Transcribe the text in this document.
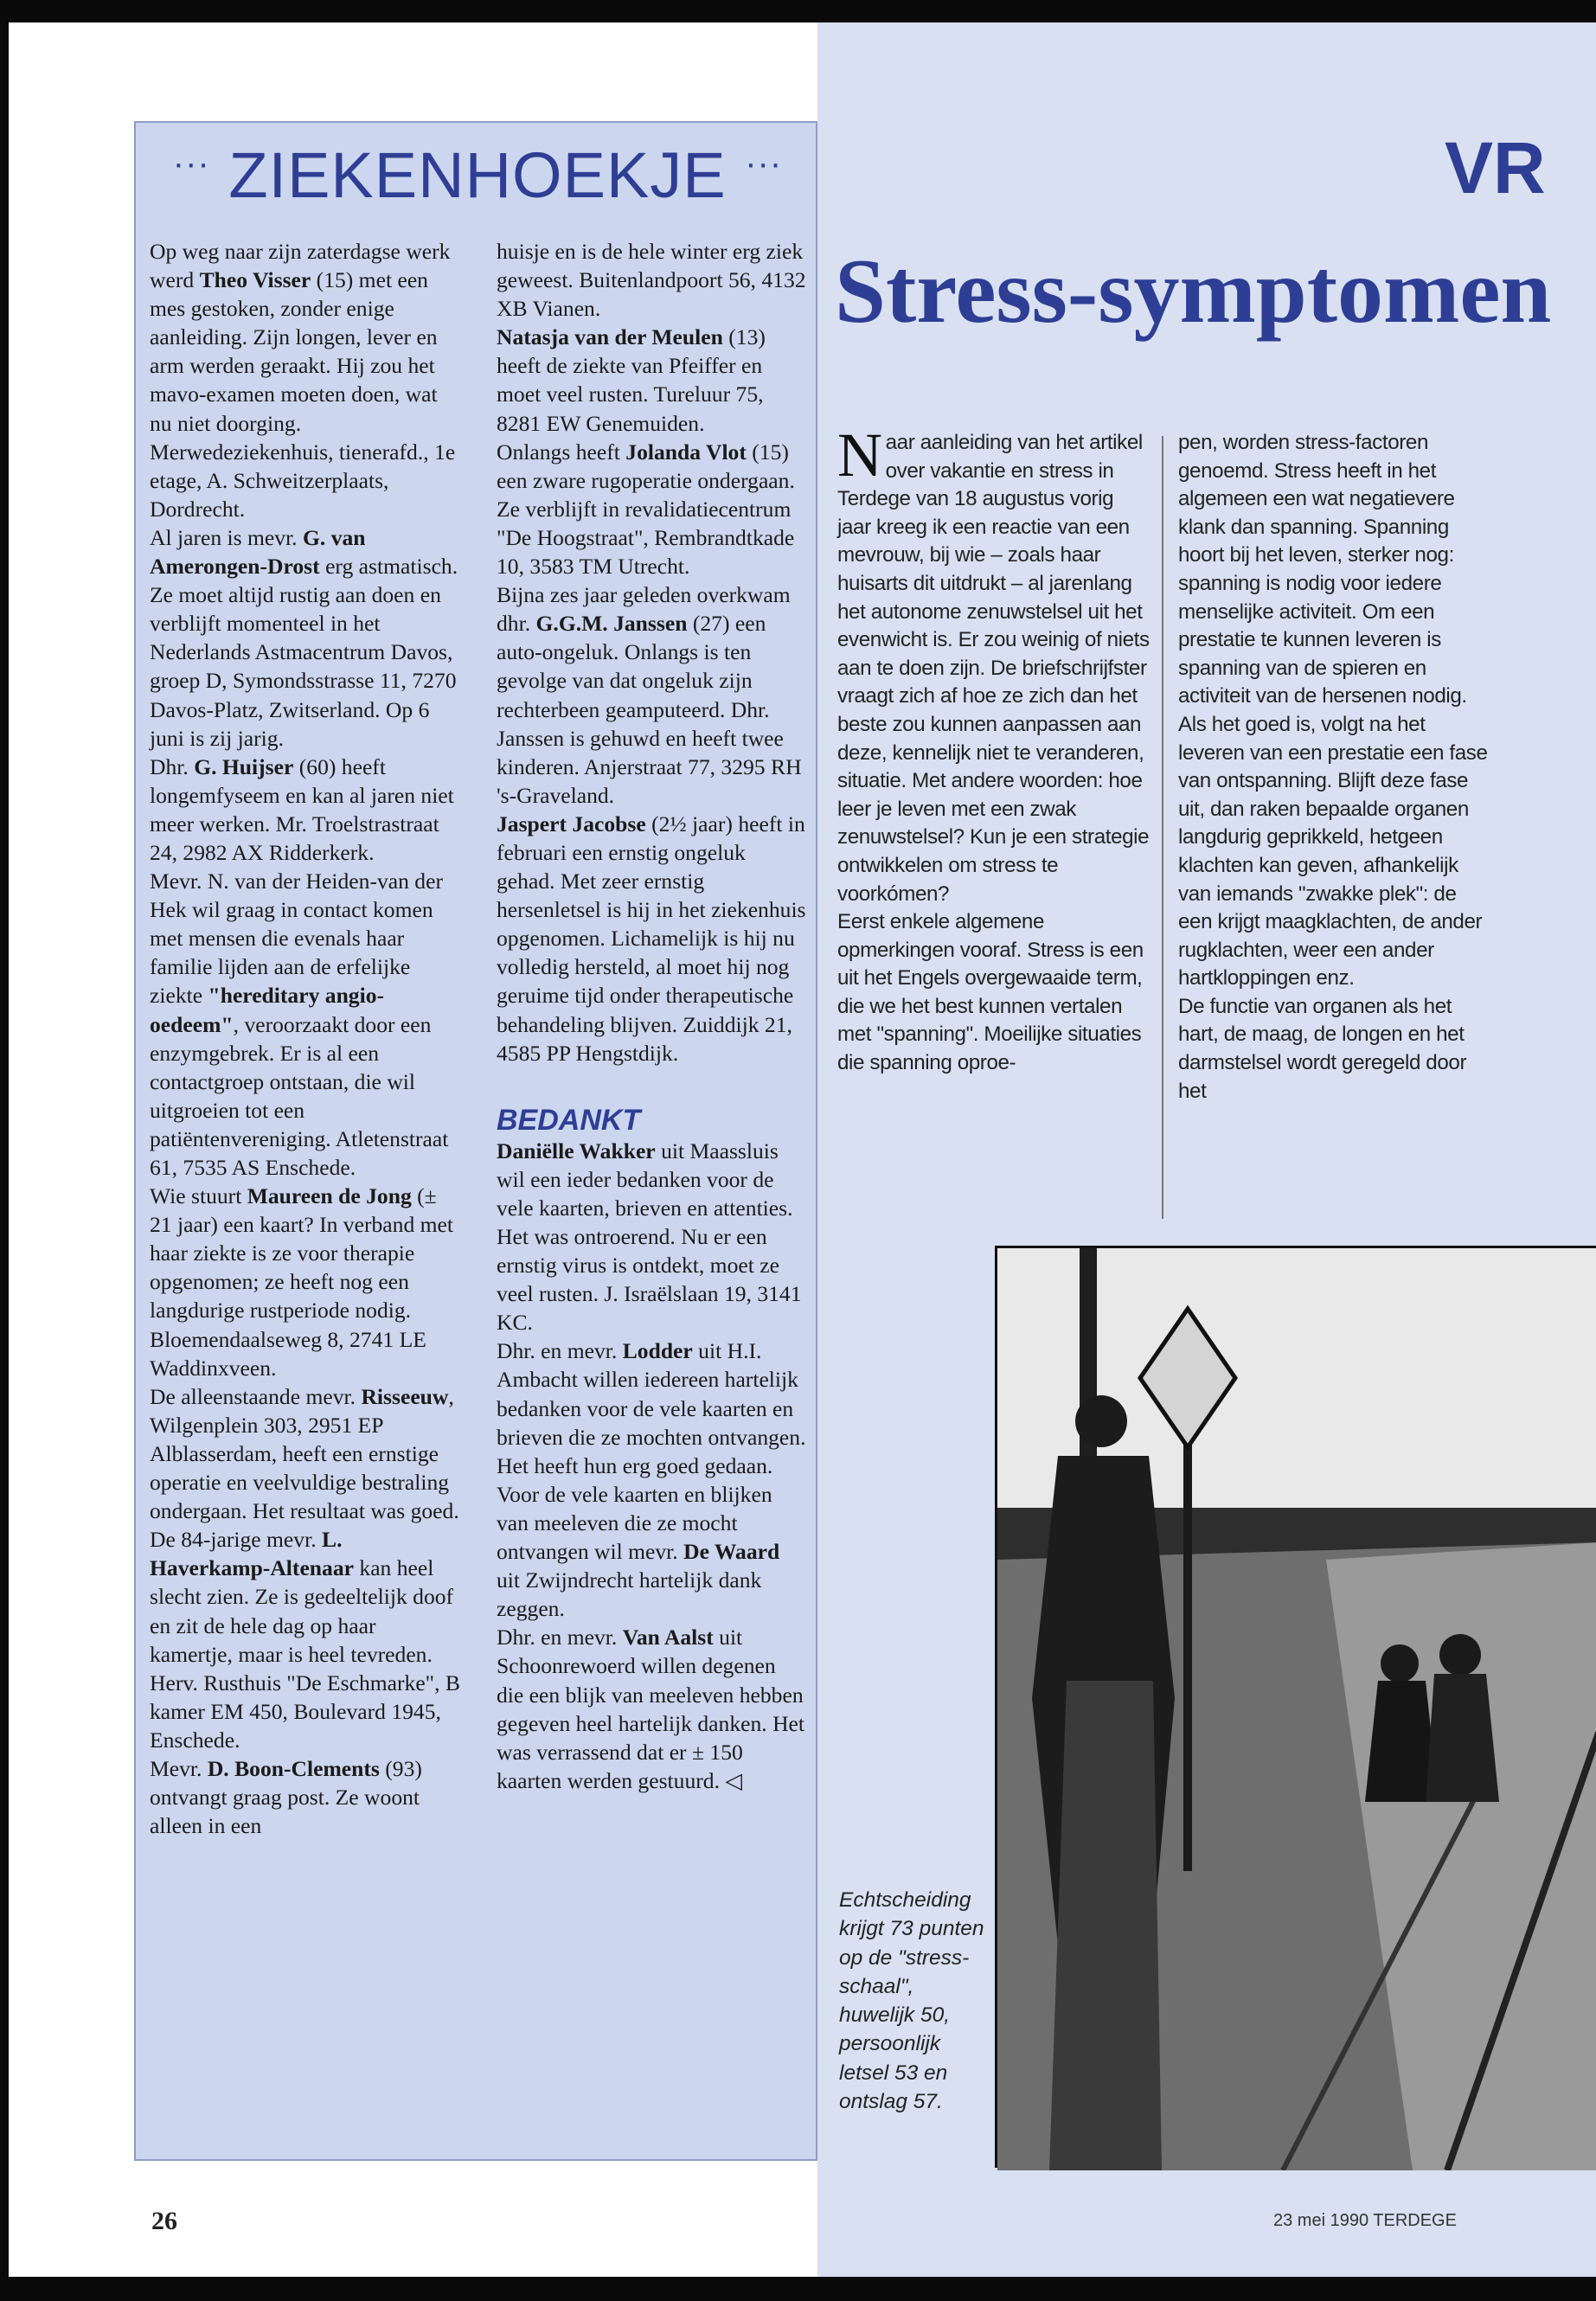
··· ZIEKENHOEKJE ···

Op weg naar zijn zaterdagse werk werd Theo Visser (15) met een mes gestoken, zonder enige aanleiding. Zijn longen, lever en arm werden geraakt. Hij zou het mavo-examen moeten doen, wat nu niet doorging. Merwedeziekenhuis, tienerafd., 1e etage, A. Schweitzerplaats, Dordrecht.
Al jaren is mevr. G. van Amerongen-Drost erg astmatisch. Ze moet altijd rustig aan doen en verblijft momenteel in het Nederlands Astmacentrum Davos, groep D, Symondsstrasse 11, 7270 Davos-Platz, Zwitserland. Op 6 juni is zij jarig.
Dhr. G. Huijser (60) heeft longemfyseem en kan al jaren niet meer werken. Mr. Troelstrastraat 24, 2982 AX Ridderkerk.
Mevr. N. van der Heiden-van der Hek wil graag in contact komen met mensen die evenals haar familie lijden aan de erfelijke ziekte "hereditary angio-oedeem", veroorzaakt door een enzymgebrek. Er is al een contactgroep ontstaan, die wil uitgroeien tot een patiëntenvereniging. Atletenstraat 61, 7535 AS Enschede.
Wie stuurt Maureen de Jong (± 21 jaar) een kaart? In verband met haar ziekte is ze voor therapie opgenomen; ze heeft nog een langdurige rustperiode nodig. Bloemendaalseweg 8, 2741 LE Waddinxveen.
De alleenstaande mevr. Risseeuw, Wilgenplein 303, 2951 EP Alblasserdam, heeft een ernstige operatie en veelvuldige bestraling ondergaan. Het resultaat was goed.
De 84-jarige mevr. L. Haverkamp-Altenaar kan heel slecht zien. Ze is gedeeltelijk doof en zit de hele dag op haar kamertje, maar is heel tevreden. Herv. Rusthuis "De Eschmarke", B kamer EM 450, Boulevard 1945, Enschede.
Mevr. D. Boon-Clements (93) ontvangt graag post. Ze woont alleen in een

huisje en is de hele winter erg ziek geweest. Buitenlandpoort 56, 4132 XB Vianen.
Natasja van der Meulen (13) heeft de ziekte van Pfeiffer en moet veel rusten. Tureluur 75, 8281 EW Genemuiden.
Onlangs heeft Jolanda Vlot (15) een zware rugoperatie ondergaan. Ze verblijft in revalidatiecentrum "De Hoogstraat", Rembrandtkade 10, 3583 TM Utrecht.
Bijna zes jaar geleden overkwam dhr. G.G.M. Janssen (27) een auto-ongeluk. Onlangs is ten gevolge van dat ongeluk zijn rechterbeen geamputeerd. Dhr. Janssen is gehuwd en heeft twee kinderen. Anjerstraat 77, 3295 RH 's-Graveland.
Jaspert Jacobse (2½ jaar) heeft in februari een ernstig ongeluk gehad. Met zeer ernstig hersenletsel is hij in het ziekenhuis opgenomen. Lichamelijk is hij nu volledig hersteld, al moet hij nog geruime tijd onder therapeutische behandeling blijven. Zuiddijk 21, 4585 PP Hengstdijk.

BEDANKT

Daniëlle Wakker uit Maassluis wil een ieder bedanken voor de vele kaarten, brieven en attenties. Het was ontroerend. Nu er een ernstig virus is ontdekt, moet ze veel rusten. J. Israëlslaan 19, 3141 KC.
Dhr. en mevr. Lodder uit H.I. Ambacht willen iedereen hartelijk bedanken voor de vele kaarten en brieven die ze mochten ontvangen. Het heeft hun erg goed gedaan.
Voor de vele kaarten en blijken van meeleven die ze mocht ontvangen wil mevr. De Waard uit Zwijndrecht hartelijk dank zeggen.
Dhr. en mevr. Van Aalst uit Schoonrewoerd willen degenen die een blijk van meeleven hebben gegeven heel hartelijk danken. Het was verrassend dat er ± 150 kaarten werden gestuurd. ◁

VR
Stress-symptomen

Naar aanleiding van het artikel over vakantie en stress in Terdege van 18 augustus vorig jaar kreeg ik een reactie van een mevrouw, bij wie – zoals haar huisarts dit uitdrukt – al jarenlang het autonome zenuwstelsel uit het evenwicht is. Er zou weinig of niets aan te doen zijn. De briefschrijfster vraagt zich af hoe ze zich dan het beste zou kunnen aanpassen aan deze, kennelijk niet te veranderen, situatie. Met andere woorden: hoe leer je leven met een zwak zenuwstelsel? Kun je een strategie ontwikkelen om stress te voorkómen?

Eerst enkele algemene opmerkingen vooraf. Stress is een uit het Engels overgewaaide term, die we het best kunnen vertalen met "spanning". Moeilijke situaties die spanning oproe-

pen, worden stress-factoren genoemd. Stress heeft in het algemeen een wat negatievere klank dan spanning. Spanning hoort bij het leven, sterker nog: spanning is nodig voor iedere menselijke activiteit. Om een prestatie te kunnen leveren is spanning van de spieren en activiteit van de hersenen nodig.

Als het goed is, volgt na het leveren van een prestatie een fase van ontspanning. Blijft deze fase uit, dan raken bepaalde organen langdurig geprikkeld, hetgeen klachten kan geven, afhankelijk van iemands "zwakke plek": de een krijgt maagklachten, de ander rugklachten, weer een ander hartkloppingen enz.

De functie van organen als het hart, de maag, de longen en het darmstelsel wordt geregeld door het

Echtscheiding krijgt 73 punten op de "stress-schaal", huwelijk 50, persoonlijk letsel 53 en ontslag 57.
26	23 mei 1990 TERDEGE
